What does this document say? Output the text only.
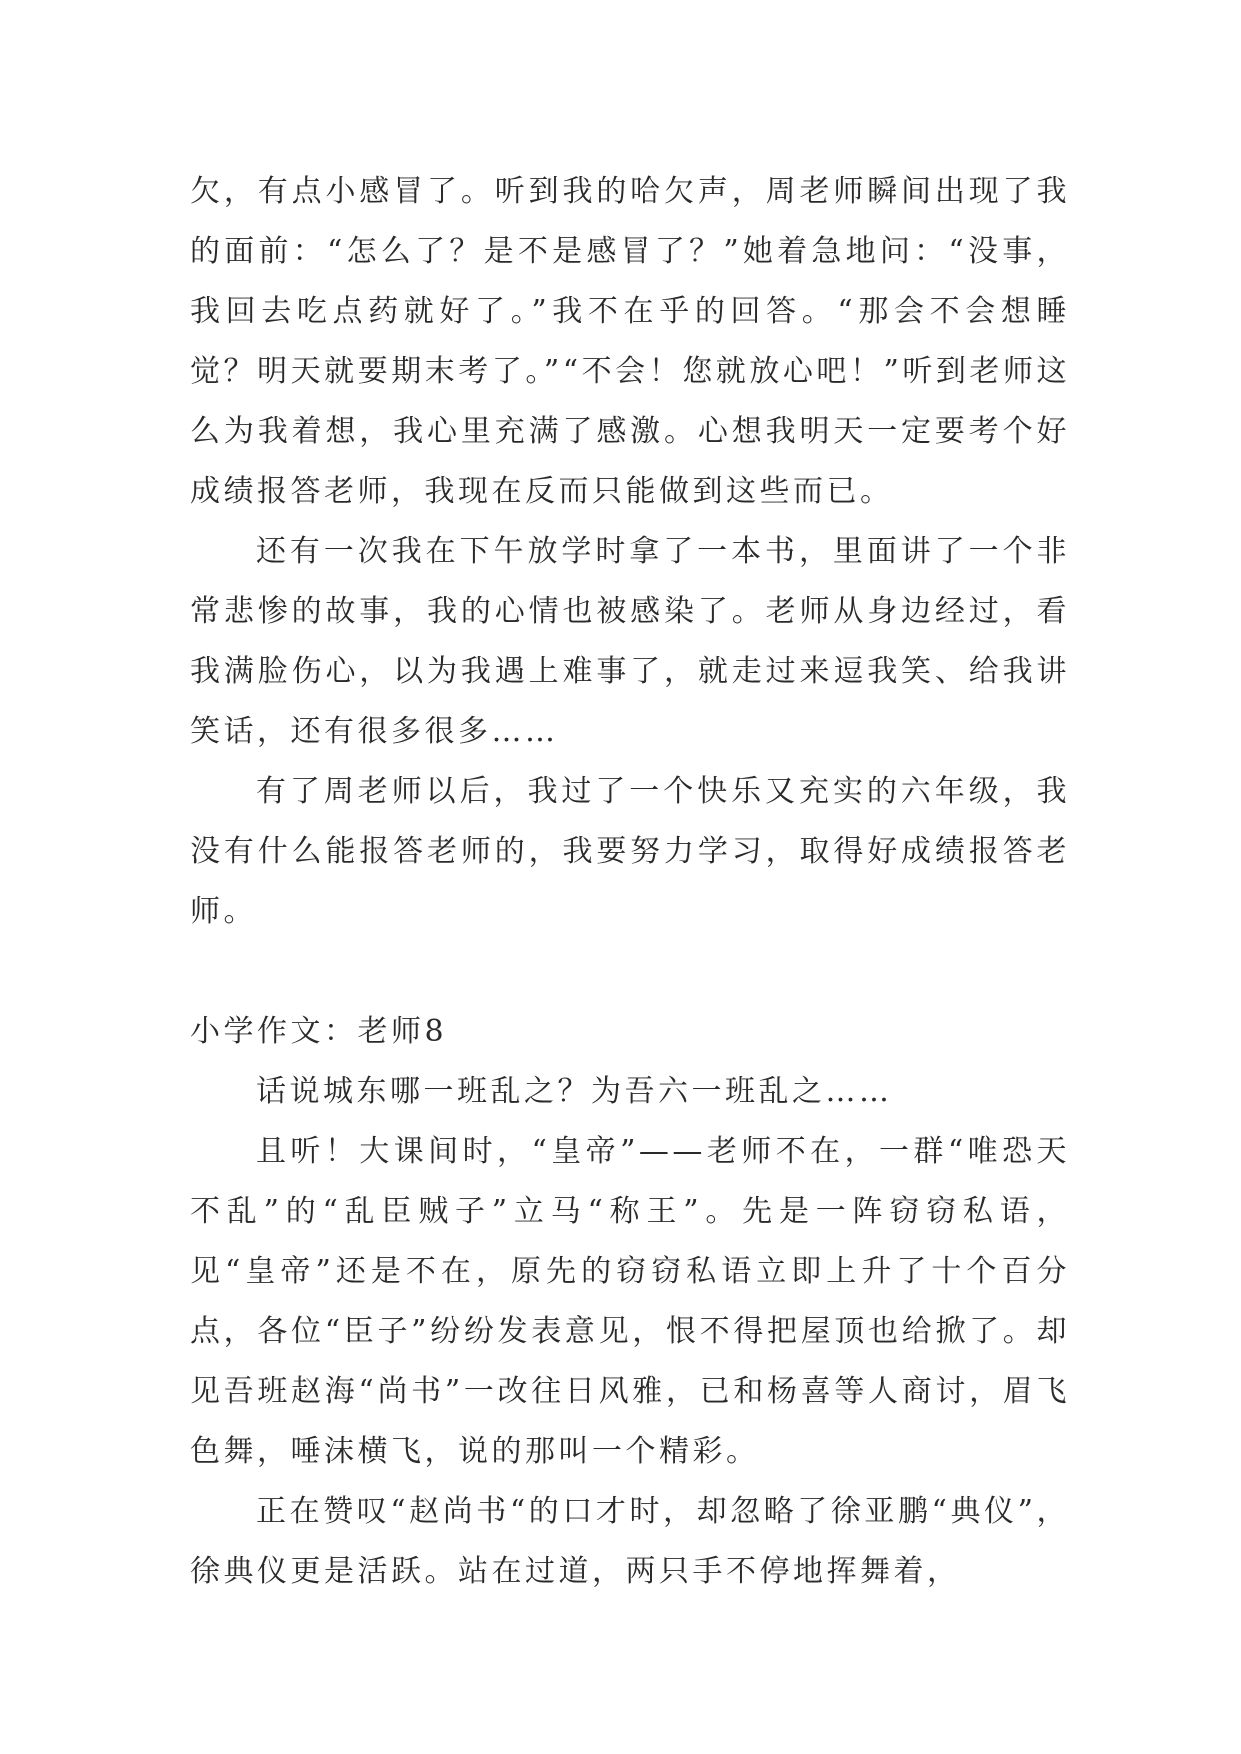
欠，有点小感冒了。听到我的哈欠声，周老师瞬间出现了我的面前：“怎么了？是不是感冒了？”她着急地问：“没事，我回去吃点药就好了。”我不在乎的回答。“那会不会想睡觉？明天就要期末考了。”“不会！您就放心吧！”听到老师这么为我着想，我心里充满了感激。心想我明天一定要考个好成绩报答老师，我现在反而只能做到这些而已。

还有一次我在下午放学时拿了一本书，里面讲了一个非常悲惨的故事，我的心情也被感染了。老师从身边经过，看我满脸伤心，以为我遇上难事了，就走过来逗我笑、给我讲笑话，还有很多很多……

有了周老师以后，我过了一个快乐又充实的六年级，我没有什么能报答老师的，我要努力学习，取得好成绩报答老师。

小学作文：老师8

话说城东哪一班乱之？为吾六一班乱之……

且听！大课间时，“皇帝”——老师不在，一群“唯恐天不乱”的“乱臣贼子”立马“称王”。先是一阵窃窃私语，见“皇帝”还是不在，原先的窃窃私语立即上升了十个百分点，各位“臣子”纷纷发表意见，恨不得把屋顶也给掀了。却见吾班赵海“尚书”一改往日风雅，已和杨喜等人商讨，眉飞色舞，唾沫横飞，说的那叫一个精彩。

正在赞叹“赵尚书“的口才时，却忽略了徐亚鹏“典仪”，徐典仪更是活跃。站在过道，两只手不停地挥舞着，
